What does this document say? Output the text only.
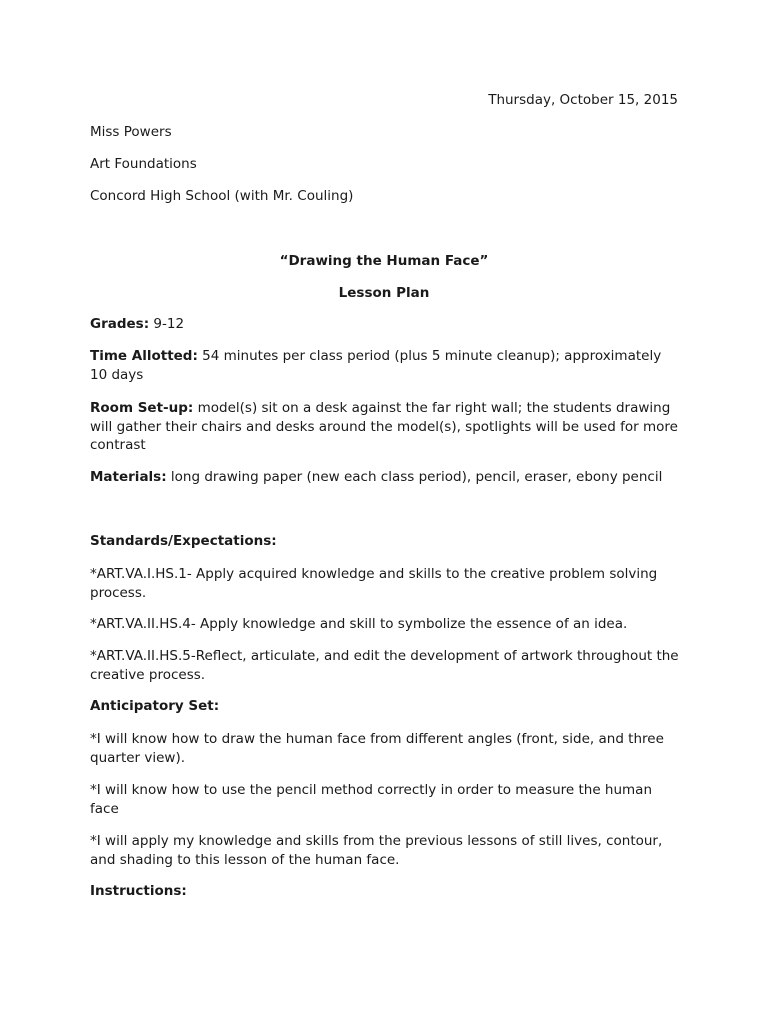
Thursday, October 15, 2015

Miss Powers

Art Foundations

Concord High School (with Mr. Couling)

“Drawing the Human Face”

Lesson Plan

Grades: 9-12

Time Allotted: 54 minutes per class period (plus 5 minute cleanup); approximately 10 days

Room Set-up: model(s) sit on a desk against the far right wall; the students drawing will gather their chairs and desks around the model(s), spotlights will be used for more contrast

Materials: long drawing paper (new each class period), pencil, eraser, ebony pencil

Standards/Expectations:

*ART.VA.I.HS.1- Apply acquired knowledge and skills to the creative problem solving process.

*ART.VA.II.HS.4- Apply knowledge and skill to symbolize the essence of an idea.

*ART.VA.II.HS.5-Reflect, articulate, and edit the development of artwork throughout the creative process.

Anticipatory Set:

*I will know how to draw the human face from different angles (front, side, and three quarter view).

*I will know how to use the pencil method correctly in order to measure the human face

*I will apply my knowledge and skills from the previous lessons of still lives, contour, and shading to this lesson of the human face.

Instructions:
